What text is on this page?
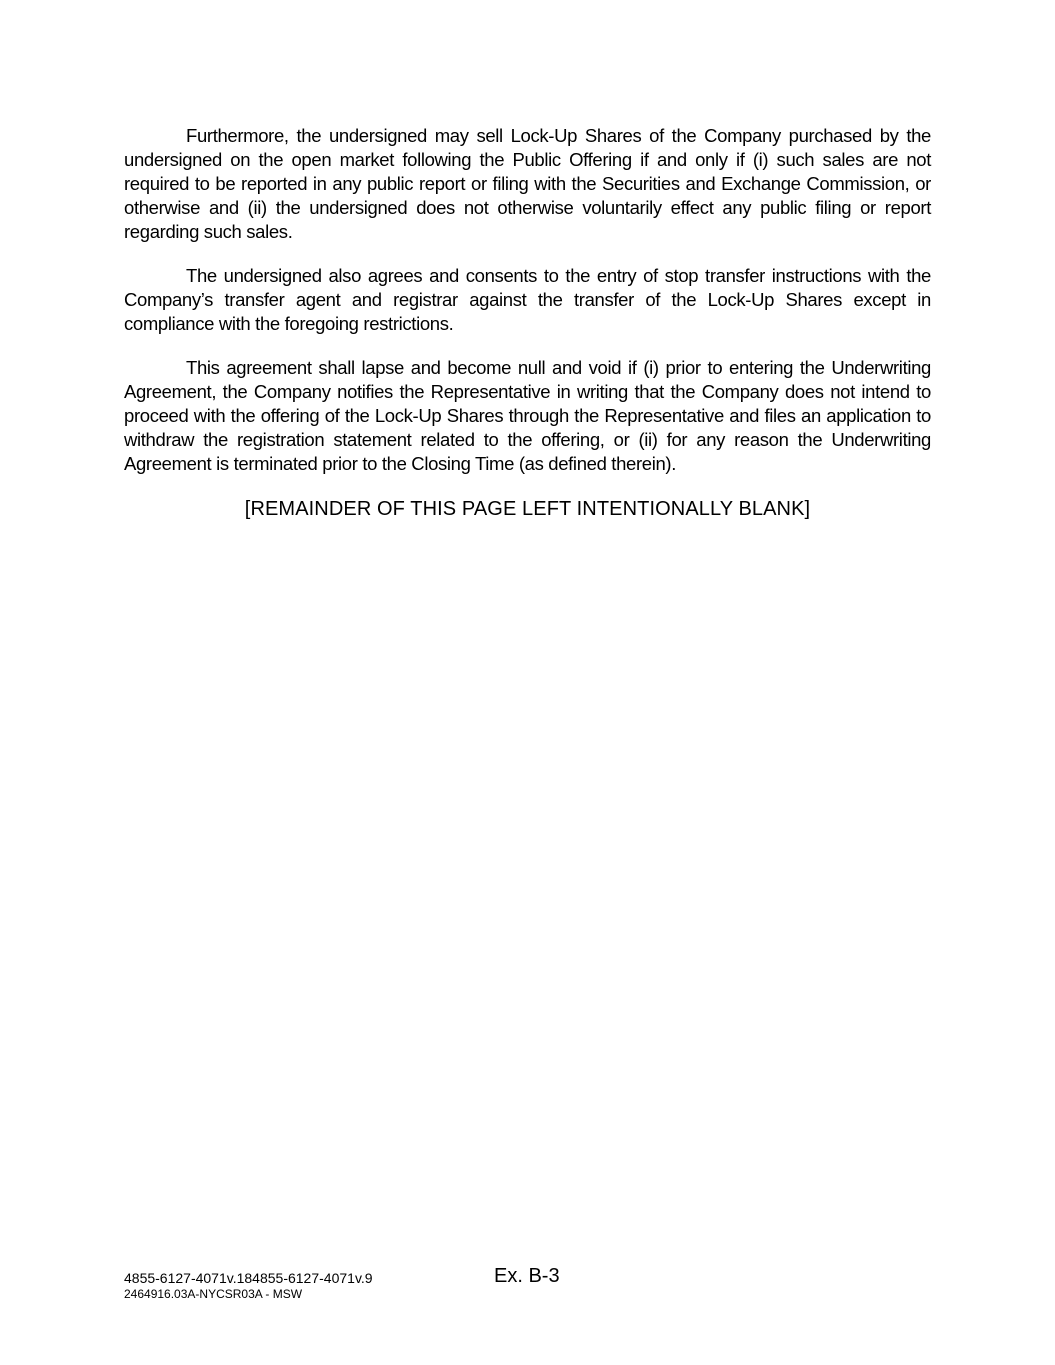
Furthermore, the undersigned may sell Lock-Up Shares of the Company purchased by the undersigned on the open market following the Public Offering if and only if (i) such sales are not required to be reported in any public report or filing with the Securities and Exchange Commission, or otherwise and (ii) the undersigned does not otherwise voluntarily effect any public filing or report regarding such sales.

The undersigned also agrees and consents to the entry of stop transfer instructions with the Company’s transfer agent and registrar against the transfer of the Lock-Up Shares except in compliance with the foregoing restrictions.

This agreement shall lapse and become null and void if (i) prior to entering the Underwriting Agreement, the Company notifies the Representative in writing that the Company does not intend to proceed with the offering of the Lock-Up Shares through the Representative and files an application to withdraw the registration statement related to the offering, or (ii) for any reason the Underwriting Agreement is terminated prior to the Closing Time (as defined therein).

[REMAINDER OF THIS PAGE LEFT INTENTIONALLY BLANK]

4855-6127-4071v.184855-6127-4071v.9
2464916.03A-NYCSR03A - MSW
Ex. B-3
